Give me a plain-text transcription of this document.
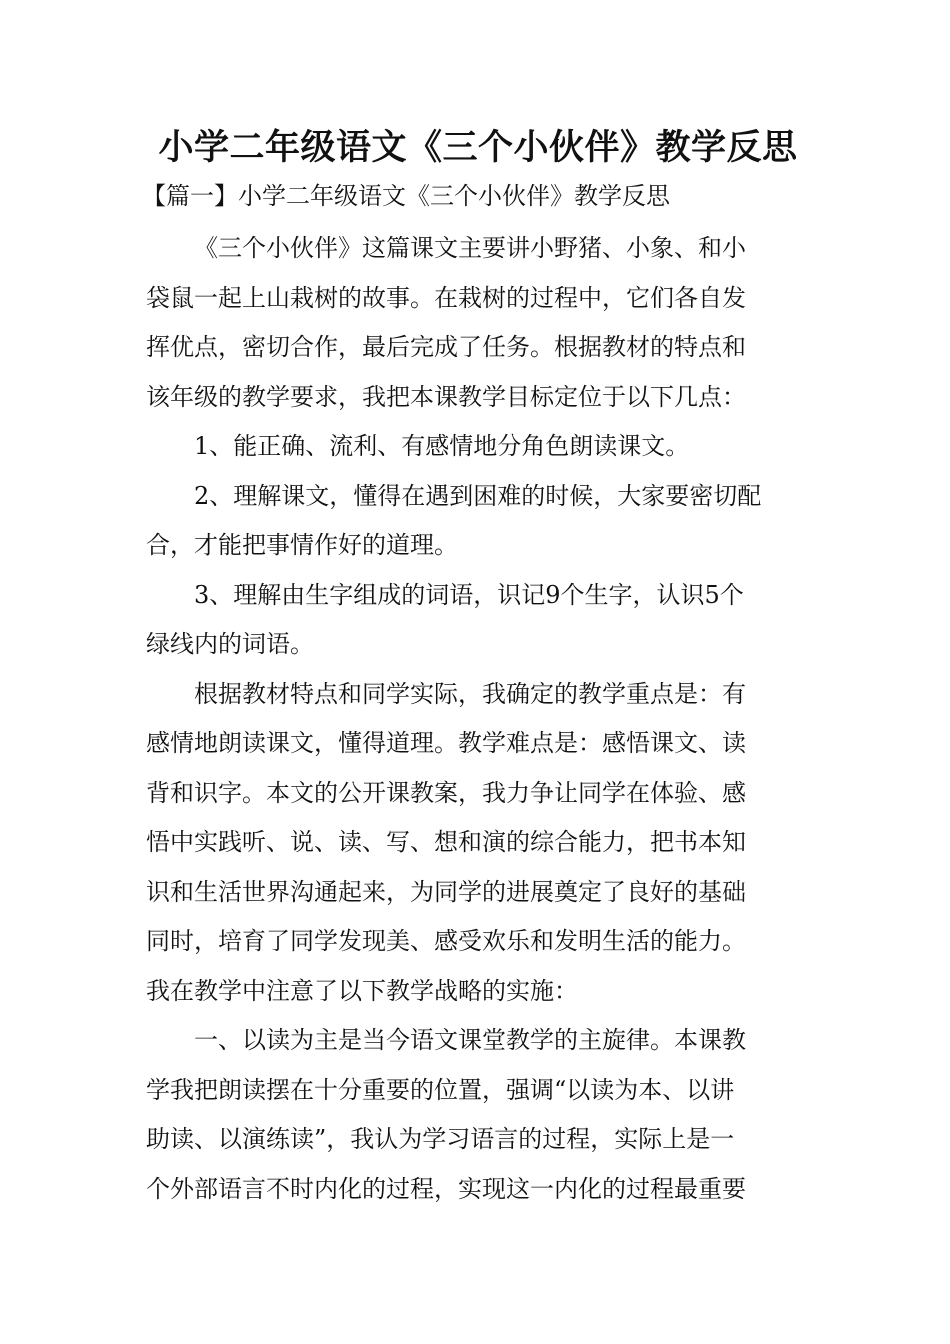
小学二年级语文《三个小伙伴》教学反思
【篇一】小学二年级语文《三个小伙伴》教学反思

《三个小伙伴》这篇课文主要讲小野猪、小象、和小
袋鼠一起上山栽树的故事。在栽树的过程中，它们各自发
挥优点，密切合作，最后完成了任务。根据教材的特点和
该年级的教学要求，我把本课教学目标定位于以下几点：

1、能正确、流利、有感情地分角色朗读课文。

2、理解课文，懂得在遇到困难的时候，大家要密切配
合，才能把事情作好的道理。

3、理解由生字组成的词语，识记9个生字，认识5个
绿线内的词语。

根据教材特点和同学实际，我确定的教学重点是：有
感情地朗读课文，懂得道理。教学难点是：感悟课文、读
背和识字。本文的公开课教案，我力争让同学在体验、感
悟中实践听、说、读、写、想和演的综合能力，把书本知
识和生活世界沟通起来，为同学的进展奠定了良好的基础
同时，培育了同学发现美、感受欢乐和发明生活的能力。
我在教学中注意了以下教学战略的实施：

一、以读为主是当今语文课堂教学的主旋律。本课教
学我把朗读摆在十分重要的位置，强调“以读为本、以讲
助读、以演练读”，我认为学习语言的过程，实际上是一
个外部语言不时内化的过程，实现这一内化的过程最重要
